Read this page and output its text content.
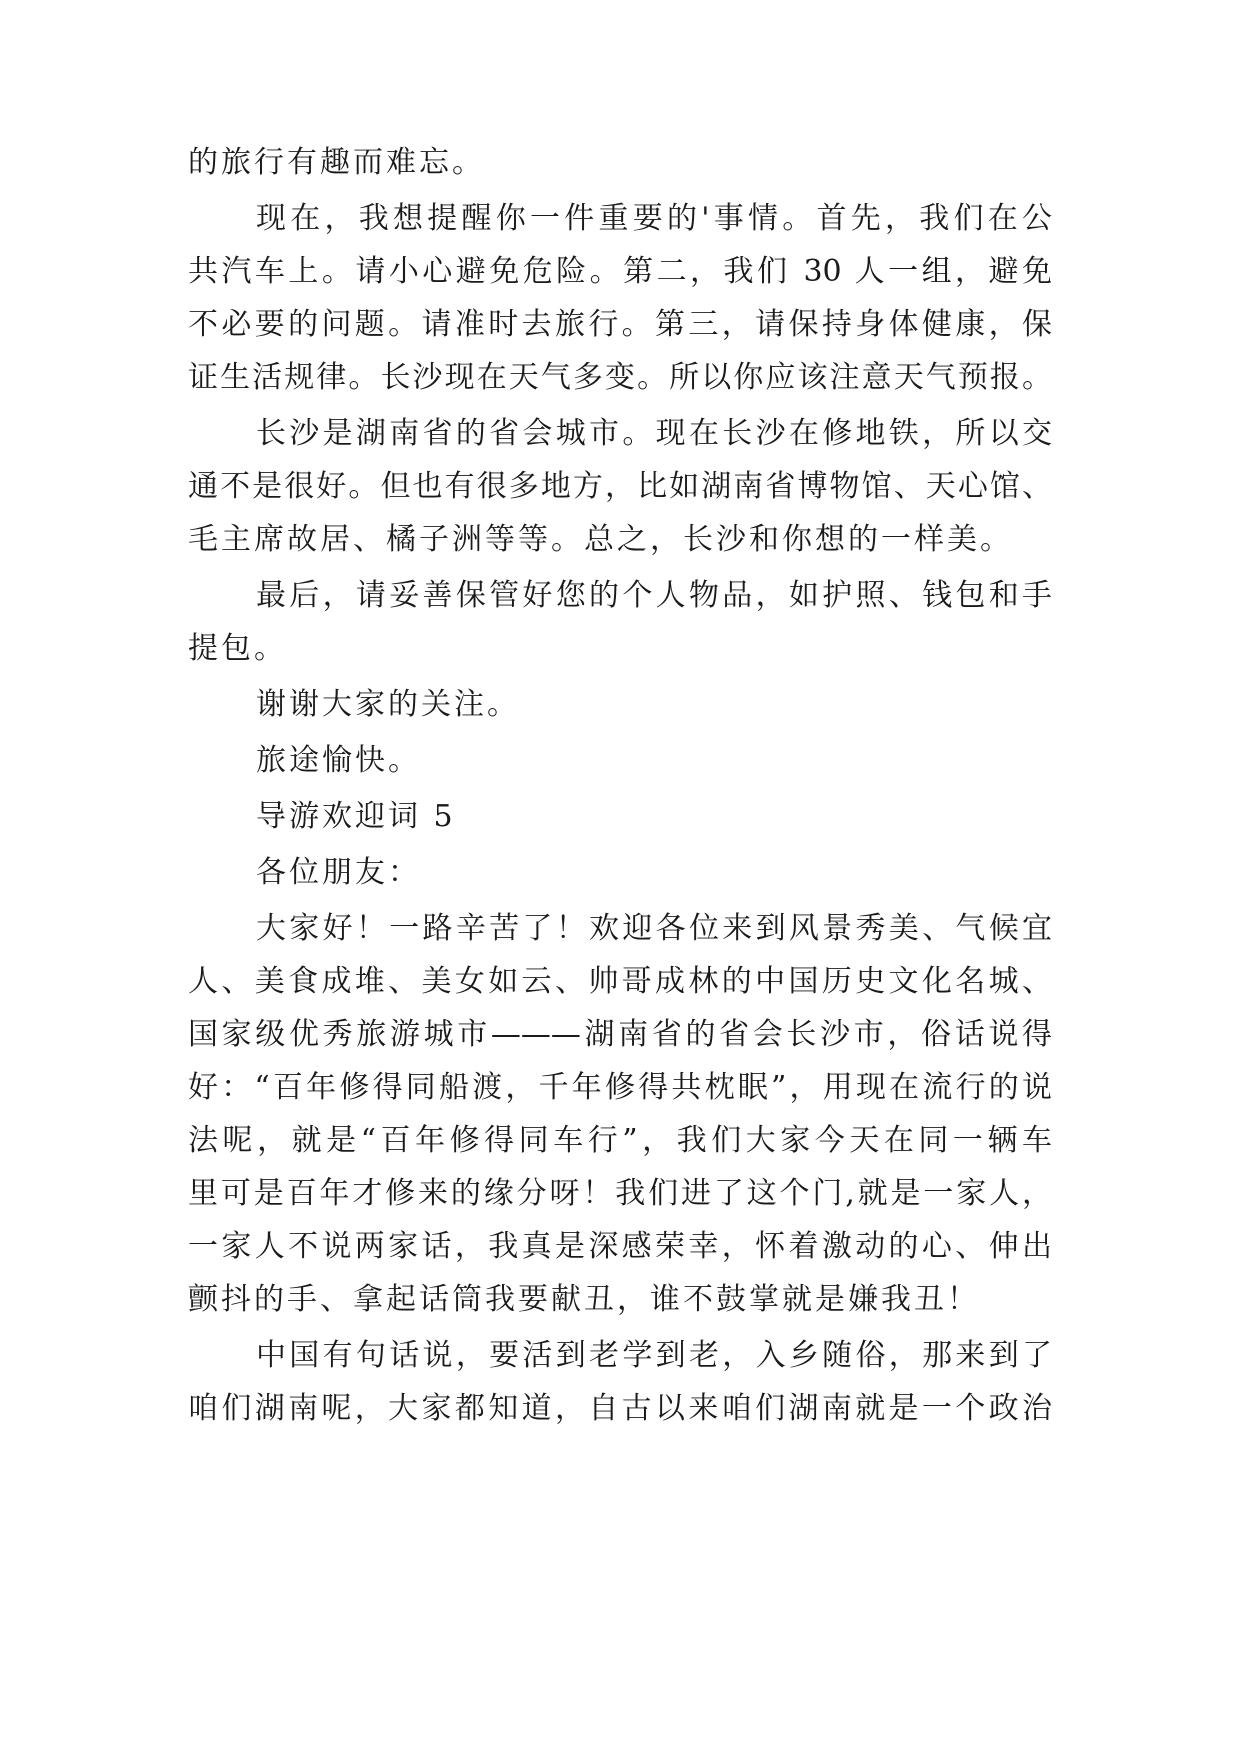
的旅行有趣而难忘。
现在，我想提醒你一件重要的'事情。首先，我们在公
共汽车上。请小心避免危险。第二，我们 30 人一组，避免
不必要的问题。请准时去旅行。第三，请保持身体健康，保
证生活规律。长沙现在天气多变。所以你应该注意天气预报。
长沙是湖南省的省会城市。现在长沙在修地铁，所以交
通不是很好。但也有很多地方，比如湖南省博物馆、天心馆、
毛主席故居、橘子洲等等。总之，长沙和你想的一样美。
最后，请妥善保管好您的个人物品，如护照、钱包和手
提包。
谢谢大家的关注。
旅途愉快。
导游欢迎词 5
各位朋友：
大家好！一路辛苦了！欢迎各位来到风景秀美、气候宜
人、美食成堆、美女如云、帅哥成林的中国历史文化名城、
国家级优秀旅游城市———湖南省的省会长沙市，俗话说得
好：“百年修得同船渡，千年修得共枕眠”，用现在流行的说
法呢，就是“百年修得同车行”，我们大家今天在同一辆车
里可是百年才修来的缘分呀！我们进了这个门,就是一家人，
一家人不说两家话，我真是深感荣幸，怀着激动的心、伸出
颤抖的手、拿起话筒我要献丑，谁不鼓掌就是嫌我丑！
中国有句话说，要活到老学到老，入乡随俗，那来到了
咱们湖南呢，大家都知道，自古以来咱们湖南就是一个政治
